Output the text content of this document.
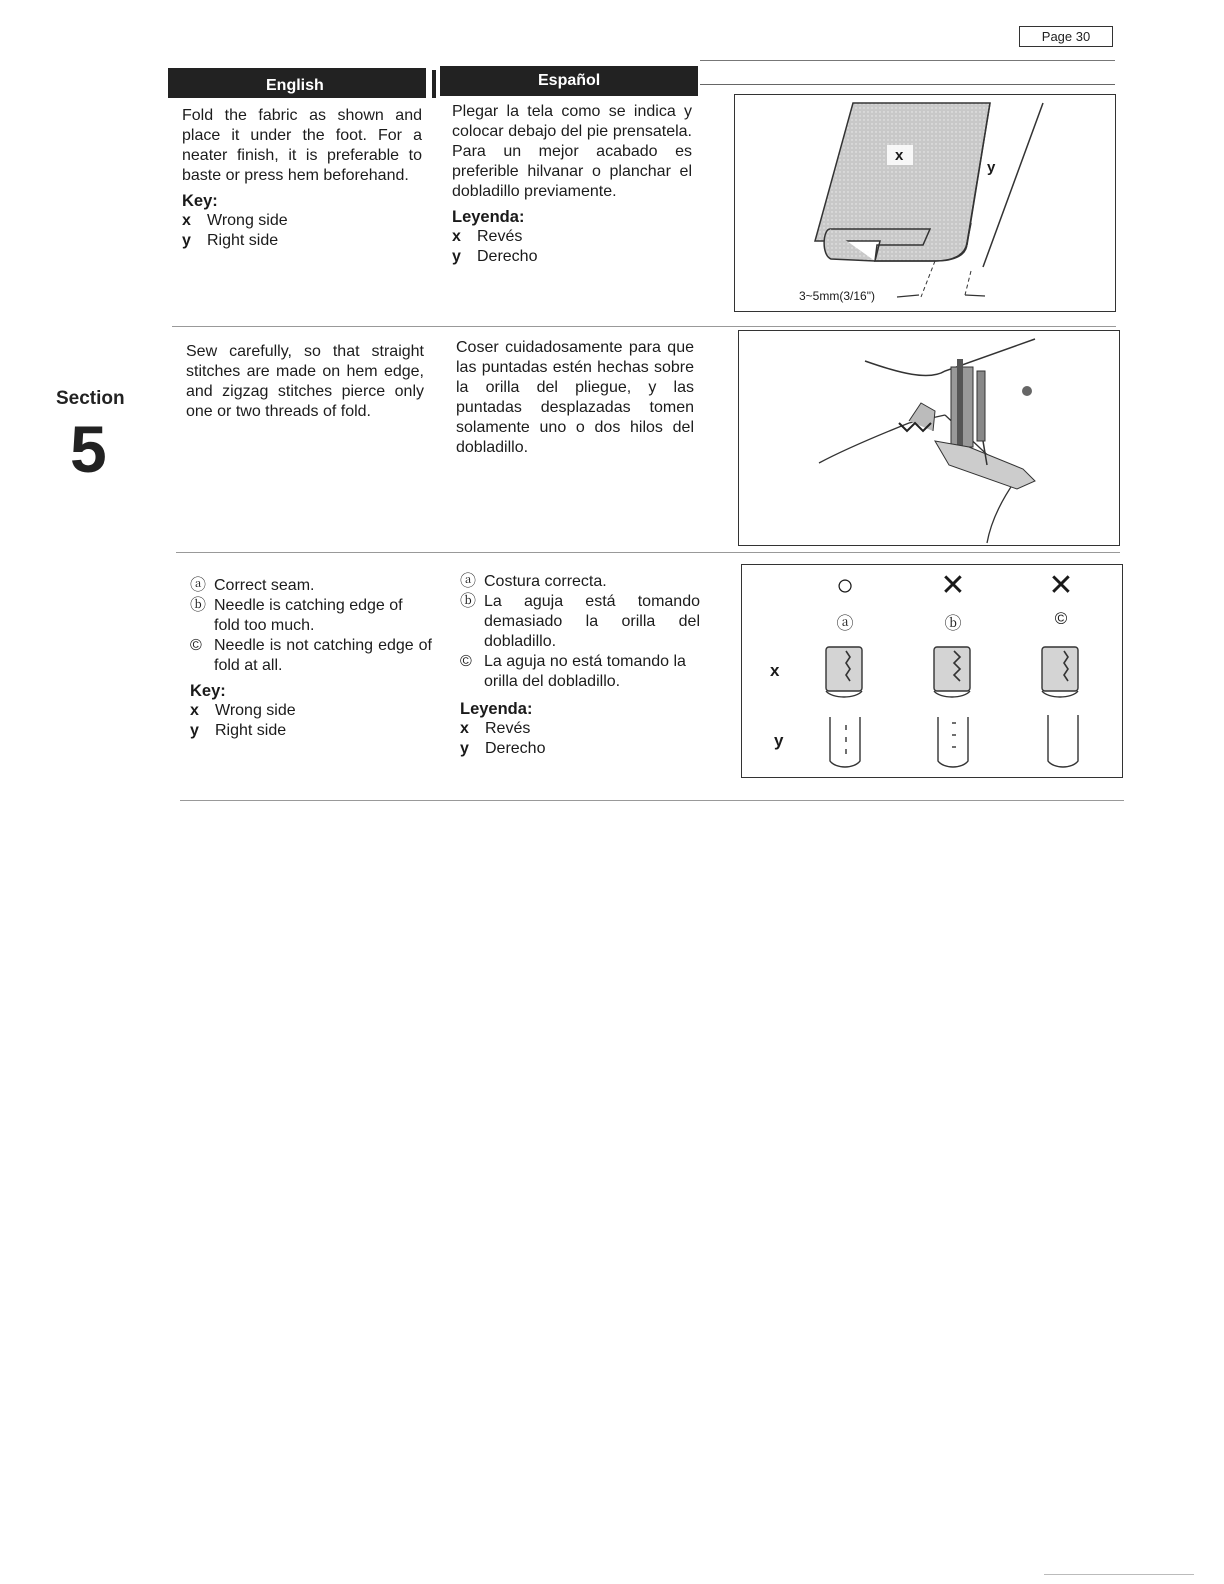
Page 30
English	Español
Section
5
Fold the fabric as shown and place it under the foot. For a neater finish, it is preferable to baste or press hem beforehand.
Key:
x Wrong side
y Right side
Plegar la tela como se indica y colocar debajo del pie prensatela. Para un mejor acabado es preferible hilvanar o planchar el dobladillo previamente.
Leyenda:
x Revés
y Derecho
x
y
3~5mm(3/16")
Sew carefully, so that straight stitches are made on hem edge, and zigzag stitches pierce only one or two threads of fold.
Coser cuidadosamente para que las puntadas estén hechas sobre la orilla del pliegue, y las puntadas desplazadas tomen solamente uno o dos hilos del dobladillo.
ⓐ Correct seam.
ⓑ Needle is catching edge of fold too much.
© Needle is not catching edge of fold at all.
Key:
x Wrong side
y Right side
ⓐ Costura correcta.
ⓑ La aguja está tomando demasiado la orilla del dobladillo.
© La aguja no está tomando la orilla del dobladillo.
Leyenda:
x Revés
y Derecho
○	✕	✕
ⓐ	ⓑ	©
x
y
